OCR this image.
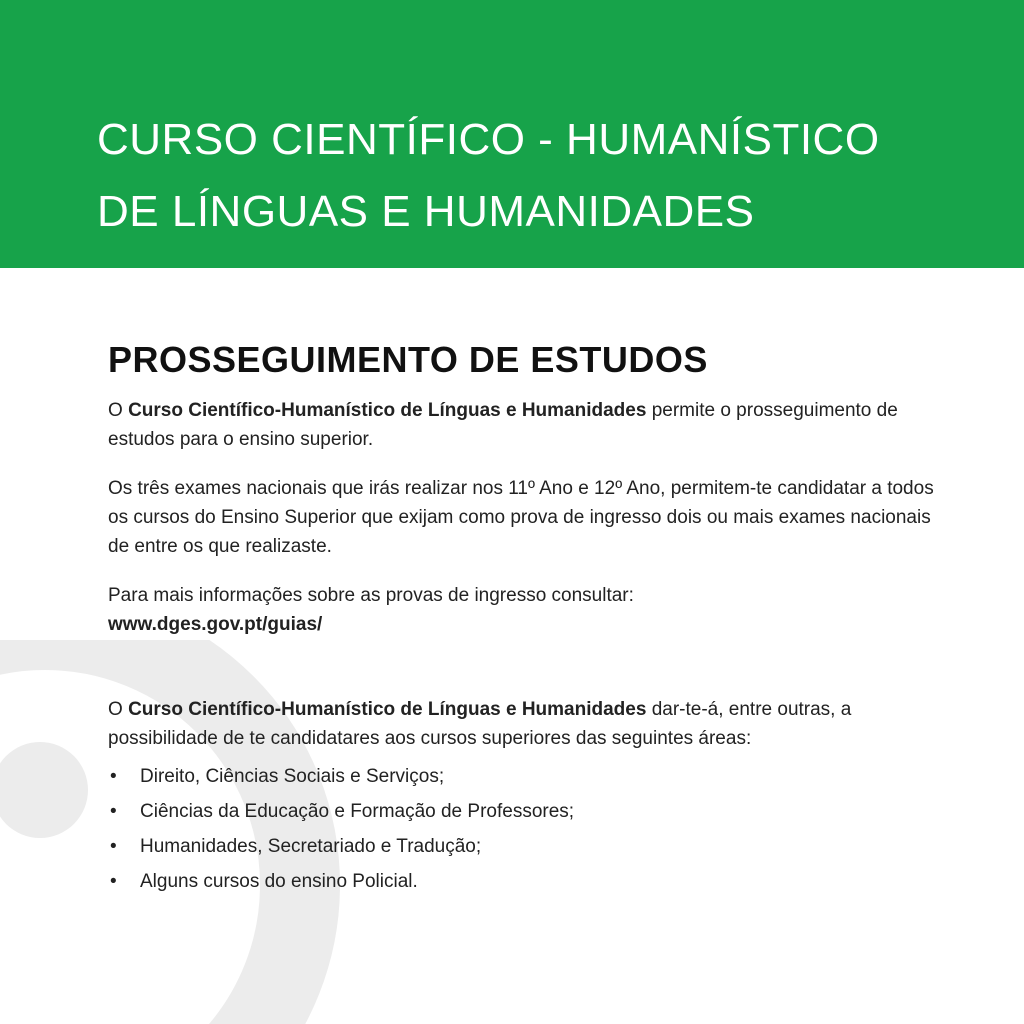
CURSO CIENTÍFICO - HUMANÍSTICO
DE LÍNGUAS E HUMANIDADES
PROSSEGUIMENTO DE ESTUDOS

O Curso Científico-Humanístico de Línguas e Humanidades permite o prosseguimento de estudos para o ensino superior.

Os três exames nacionais que irás realizar nos 11º Ano e 12º Ano, permitem-te candidatar a todos os cursos do Ensino Superior que exijam como prova de ingresso dois ou mais exames nacionais de entre os que realizaste.

Para mais informações sobre as provas de ingresso consultar:
www.dges.gov.pt/guias/

O Curso Científico-Humanístico de Línguas e Humanidades dar-te-á, entre outras, a possibilidade de te candidatares aos cursos superiores das seguintes áreas:

• Direito, Ciências Sociais e Serviços;
• Ciências da Educação e Formação de Professores;
• Humanidades, Secretariado e Tradução;
• Alguns cursos do ensino Policial.
